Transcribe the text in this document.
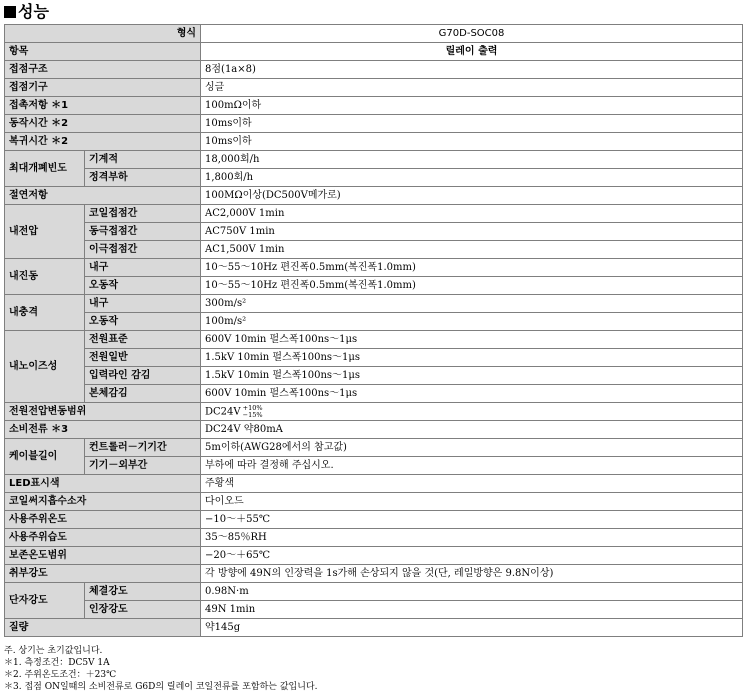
성능
형식		G70D-SOC08
항목		릴레이 출력
접점구조		8점(1a×8)
접점기구		싱글
접촉저항 ＊1		100mΩ이하
동작시간 ＊2		10ms이하
복귀시간 ＊2		10ms이하
최대개폐빈도	기계적	18,000회/h
	정격부하	1,800회/h
절연저항		100MΩ이상(DC500V메가로)
내전압	코일접점간	AC2,000V 1min
	동극접점간	AC750V 1min
	이극접점간	AC1,500V 1min
내진동	내구	10～55～10Hz 편진폭0.5mm(복진폭1.0mm)
	오동작	10～55～10Hz 편진폭0.5mm(복진폭1.0mm)
내충격	내구	300m/s²
	오동작	100m/s²
내노이즈성	전원표준	600V 10min 펄스폭100ns～1μs
	전원일반	1.5kV 10min 펄스폭100ns～1μs
	입력라인 감김	1.5kV 10min 펄스폭100ns～1μs
	본체감김	600V 10min 펄스폭100ns～1μs
전원전압변동범위		DC24V +10%
−15%
소비전류 ＊3		DC24V 약80mA
케이블길이	컨트롤러－기기간	5m이하(AWG28에서의 참고값)
	기기－외부간	부하에 따라 결정해 주십시오.
LED표시색		주황색
코일써지흡수소자		다이오드
사용주위온도		−10～＋55℃
사용주위습도		35～85％RH
보존온도범위		−20～＋65℃
취부강도		각 방향에 49N의 인장력을 1s가해 손상되지 않을 것(단, 레일방향은 9.8N이상)
단자강도	체결강도	0.98N·m
	인장강도	49N 1min
질량		약145g
주. 상기는 초기값입니다.
＊1. 측정조건：DC5V 1A
＊2. 주위온도조건：＋23℃
＊3. 접점 ON일때의 소비전류로 G6D의 릴레이 코일전류를 포함하는 값입니다.
